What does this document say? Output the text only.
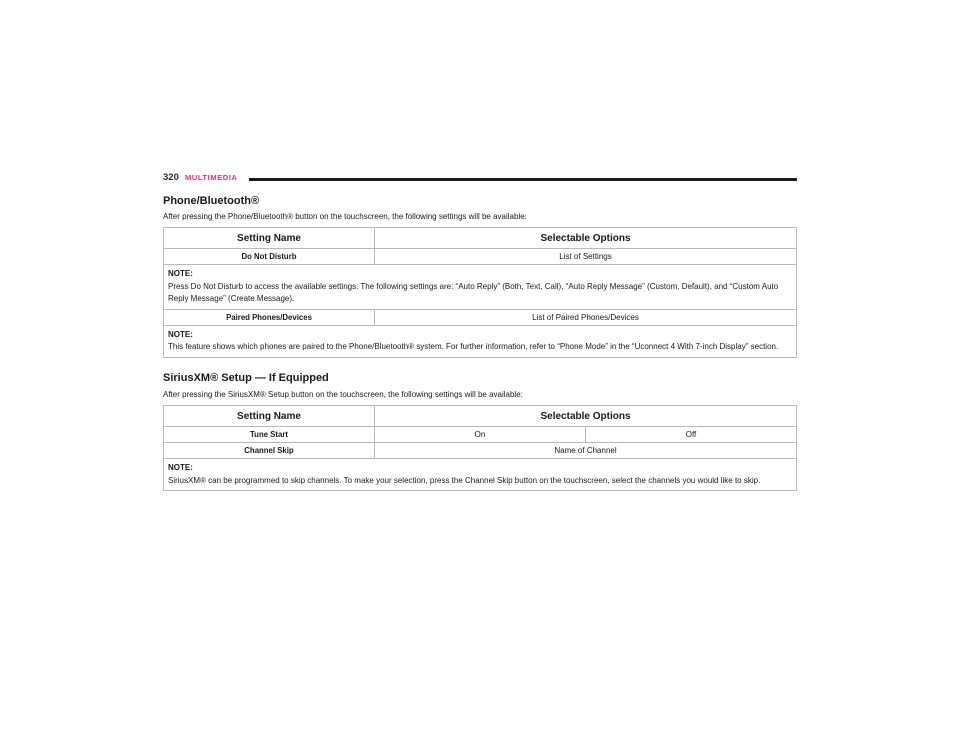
320 MULTIMEDIA
Phone/Bluetooth®

After pressing the Phone/Bluetooth® button on the touchscreen, the following settings will be available:

Setting Name	Selectable Options
Do Not Disturb	List of Settings

NOTE:
Press Do Not Disturb to access the available settings. The following settings are: “Auto Reply” (Both, Text, Call), “Auto Reply Message” (Custom, Default), and “Custom Auto Reply Message” (Create Message).	
Paired Phones/Devices	List of Paired Phones/Devices

NOTE:
This feature shows which phones are paired to the Phone/Bluetooth® system. For further information, refer to “Phone Mode” in the “Uconnect 4 With 7-inch Display” section.	
SiriusXM® Setup — If Equipped

After pressing the SiriusXM® Setup button on the touchscreen, the following settings will be available:

Setting Name	Selectable Options	
Tune Start	On	Off
Channel Skip	Name of Channel	

NOTE:
SiriusXM® can be programmed to skip channels. To make your selection, press the Channel Skip button on the touchscreen, select the channels you would like to skip.		
